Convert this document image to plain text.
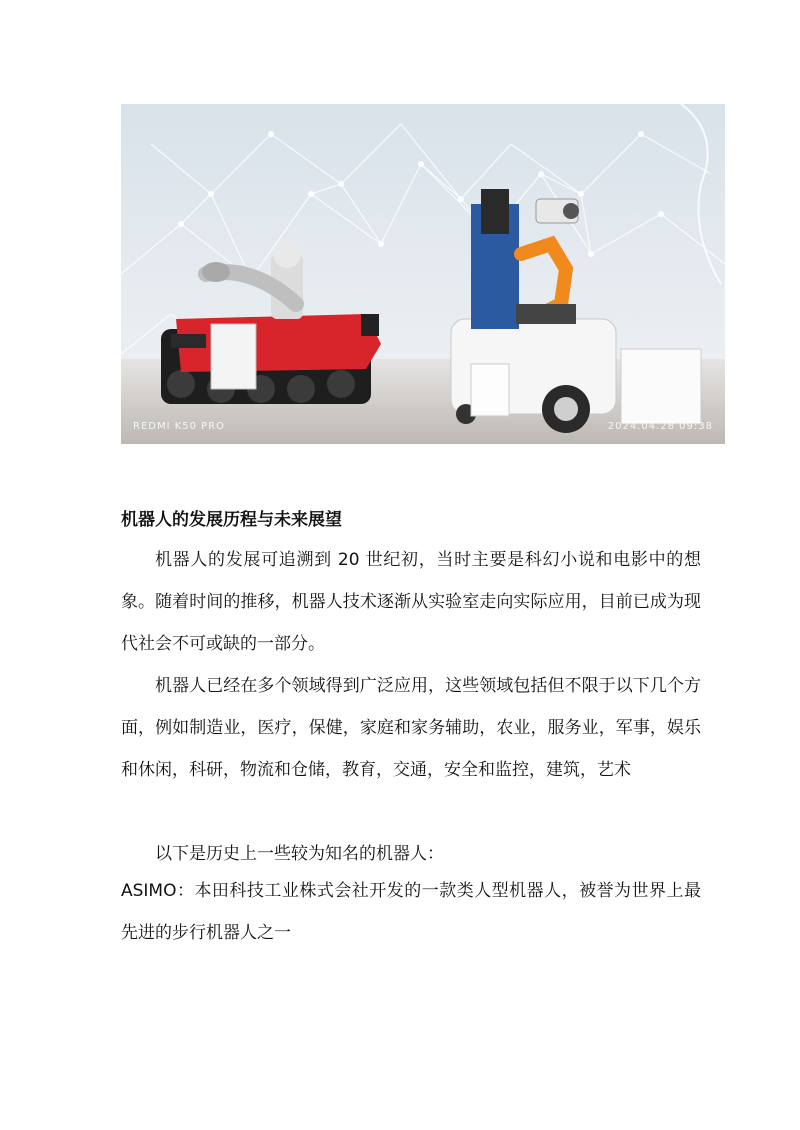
REDMI K50 PRO	2024.04.28 09:38
机器人的发展历程与未来展望

机器人的发展可追溯到 20 世纪初，当时主要是科幻小说和电影中的想象。随着时间的推移，机器人技术逐渐从实验室走向实际应用，目前已成为现代社会不可或缺的一部分。

机器人已经在多个领域得到广泛应用，这些领域包括但不限于以下几个方面，例如制造业，医疗，保健，家庭和家务辅助，农业，服务业，军事，娱乐和休闲，科研，物流和仓储，教育，交通，安全和监控，建筑，艺术

以下是历史上一些较为知名的机器人：

ASIMO：本田科技工业株式会社开发的一款类人型机器人，被誉为世界上最先进的步行机器人之一
